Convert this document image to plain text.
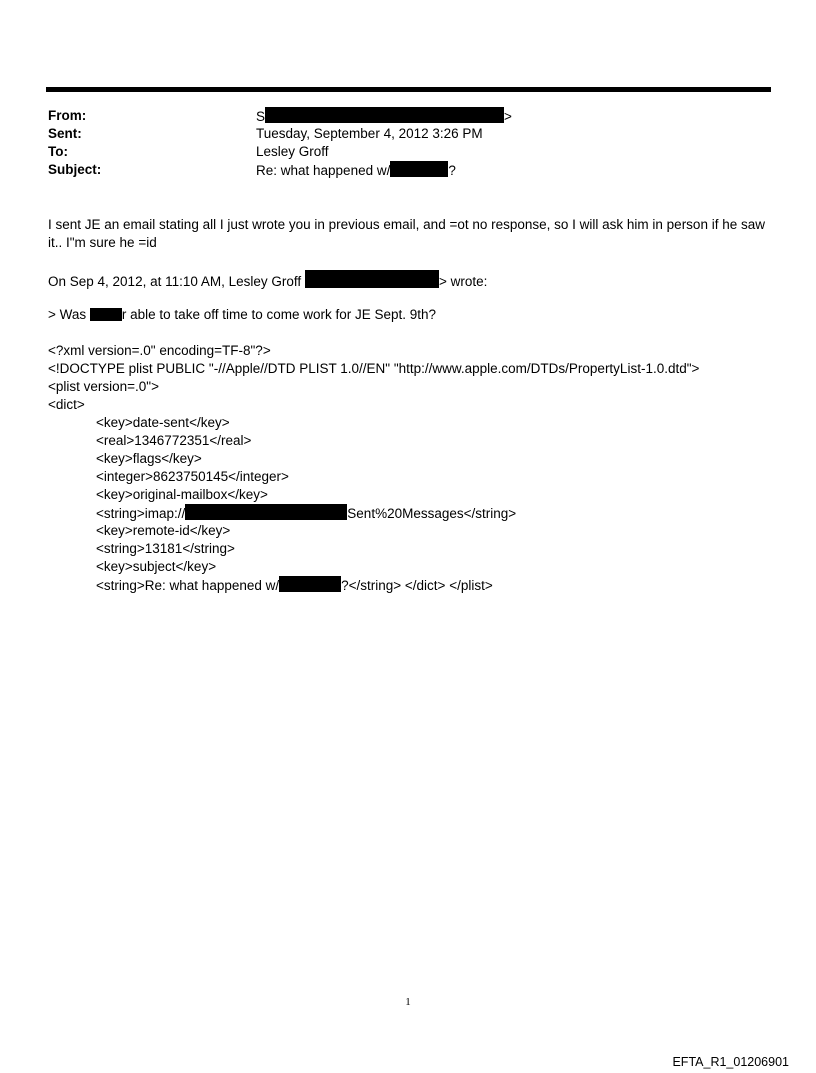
From:	S	>
Sent:	Tuesday, September 4, 2012 3:26 PM
To:	Lesley Groff
Subject:	Re: what happened w/	?
I sent JE an email stating all I just wrote you in previous email, and =ot no response, so I will ask him in person if he saw it.. I"m sure he =id
On Sep 4, 2012, at 11:10 AM, Lesley Groff	> wrote:
> Was	r able to take off time to come work for JE Sept. 9th?
<?xml version=.0" encoding=TF-8"?>
<!DOCTYPE plist PUBLIC "-//Apple//DTD PLIST 1.0//EN" "http://www.apple.com/DTDs/PropertyList-1.0.dtd">
<plist version=.0">
<dict>
<key>date-sent</key>
<real>1346772351</real>
<key>flags</key>
<integer>8623750145</integer>
<key>original-mailbox</key>
<string>imap://	Sent%20Messages</string>
<key>remote-id</key>
<string>13181</string>
<key>subject</key>
<string>Re: what happened w/	?</string> </dict> </plist>
1
EFTA_R1_01206901
